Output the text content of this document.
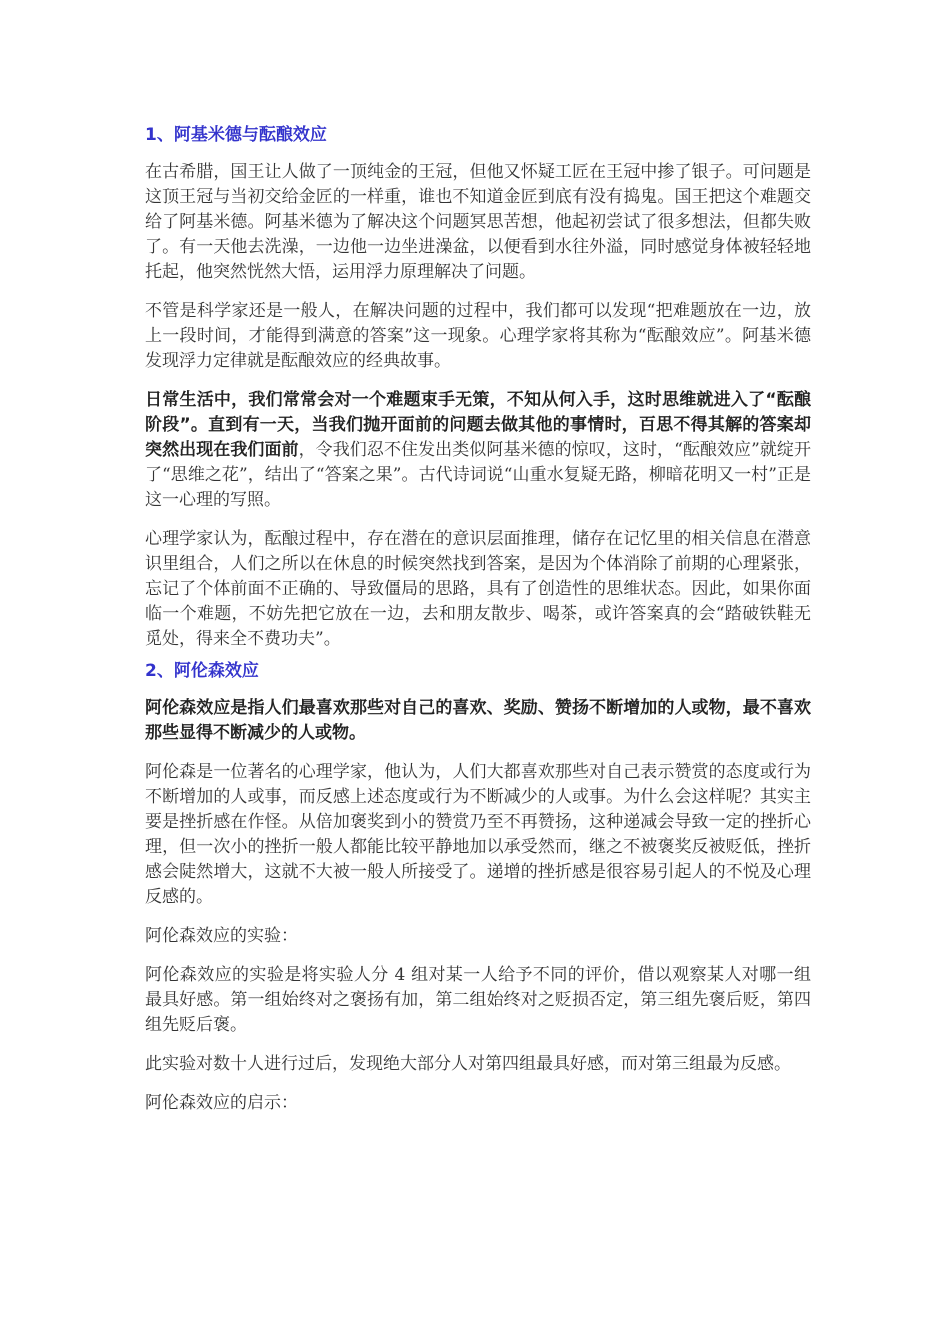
1、阿基米德与酝酿效应

在古希腊，国王让人做了一顶纯金的王冠，但他又怀疑工匠在王冠中掺了银子。可问题是这顶王冠与当初交给金匠的一样重，谁也不知道金匠到底有没有捣鬼。国王把这个难题交给了阿基米德。阿基米德为了解决这个问题冥思苦想，他起初尝试了很多想法，但都失败了。有一天他去洗澡，一边他一边坐进澡盆，以便看到水往外溢，同时感觉身体被轻轻地托起，他突然恍然大悟，运用浮力原理解决了问题。

不管是科学家还是一般人，在解决问题的过程中，我们都可以发现“把难题放在一边，放上一段时间，才能得到满意的答案”这一现象。心理学家将其称为“酝酿效应”。阿基米德发现浮力定律就是酝酿效应的经典故事。

日常生活中，我们常常会对一个难题束手无策，不知从何入手，这时思维就进入了“酝酿阶段”。直到有一天，当我们抛开面前的问题去做其他的事情时，百思不得其解的答案却突然出现在我们面前，令我们忍不住发出类似阿基米德的惊叹，这时，“酝酿效应”就绽开了“思维之花”，结出了“答案之果”。古代诗词说“山重水复疑无路，柳暗花明又一村”正是这一心理的写照。

心理学家认为，酝酿过程中，存在潜在的意识层面推理，储存在记忆里的相关信息在潜意识里组合，人们之所以在休息的时候突然找到答案，是因为个体消除了前期的心理紧张，忘记了个体前面不正确的、导致僵局的思路，具有了创造性的思维状态。因此，如果你面临一个难题，不妨先把它放在一边，去和朋友散步、喝茶，或许答案真的会“踏破铁鞋无觅处，得来全不费功夫”。

2、阿伦森效应

阿伦森效应是指人们最喜欢那些对自己的喜欢、奖励、赞扬不断增加的人或物，最不喜欢那些显得不断减少的人或物。

阿伦森是一位著名的心理学家，他认为，人们大都喜欢那些对自己表示赞赏的态度或行为不断增加的人或事，而反感上述态度或行为不断减少的人或事。为什么会这样呢？其实主要是挫折感在作怪。从倍加褒奖到小的赞赏乃至不再赞扬，这种递减会导致一定的挫折心理，但一次小的挫折一般人都能比较平静地加以承受然而，继之不被褒奖反被贬低，挫折感会陡然增大，这就不大被一般人所接受了。递增的挫折感是很容易引起人的不悦及心理反感的。

阿伦森效应的实验：

阿伦森效应的实验是将实验人分 4 组对某一人给予不同的评价，借以观察某人对哪一组最具好感。第一组始终对之褒扬有加，第二组始终对之贬损否定，第三组先褒后贬，第四组先贬后褒。

此实验对数十人进行过后，发现绝大部分人对第四组最具好感，而对第三组最为反感。

阿伦森效应的启示：
